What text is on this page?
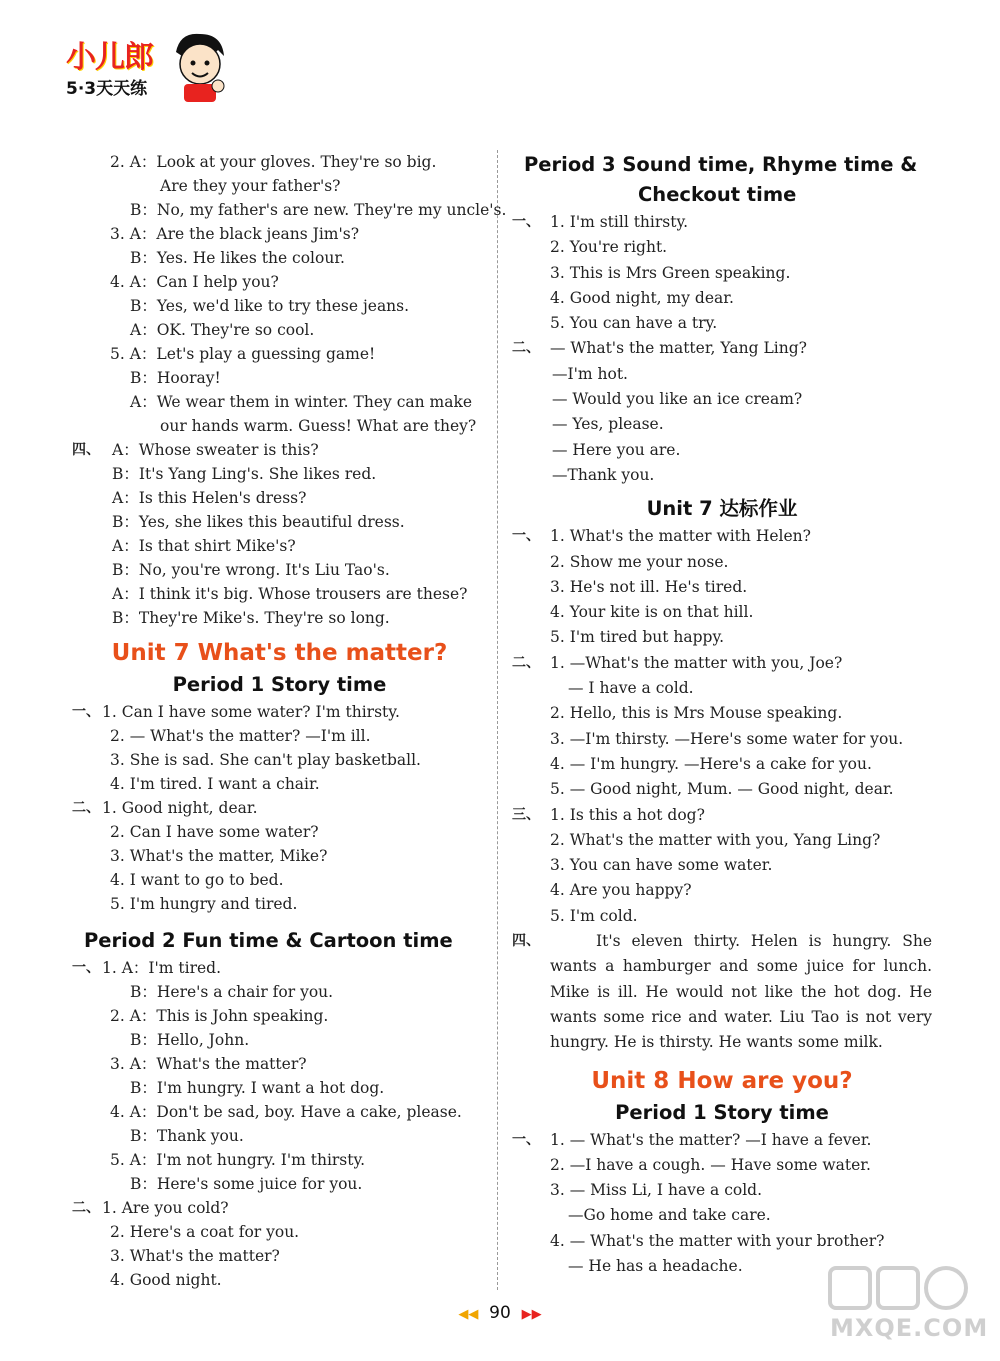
小儿郎
5·3天天练
2. A：Look at your gloves. They're so big.
Are they your father's?
B：No, my father's are new. They're my uncle's.
3. A：Are the black jeans Jim's?
B：Yes. He likes the colour.
4. A：Can I help you?
B：Yes, we'd like to try these jeans.
A：OK. They're so cool.
5. A：Let's play a guessing game!
B：Hooray!
A：We wear them in winter. They can make
our hands warm. Guess! What are they?
四、 A：Whose sweater is this?
B：It's Yang Ling's. She likes red.
A：Is this Helen's dress?
B：Yes, she likes this beautiful dress.
A：Is that shirt Mike's?
B：No, you're wrong. It's Liu Tao's.
A：I think it's big. Whose trousers are these?
B：They're Mike's. They're so long.
Unit 7 What's the matter?
Period 1 Story time
一、 1. Can I have some water? I'm thirsty.
2. — What's the matter? —I'm ill.
3. She is sad. She can't play basketball.
4. I'm tired. I want a chair.
二、 1. Good night, dear.
2. Can I have some water?
3. What's the matter, Mike?
4. I want to go to bed.
5. I'm hungry and tired.
Period 2 Fun time & Cartoon time
一、 1. A：I'm tired.
B：Here's a chair for you.
2. A：This is John speaking.
B：Hello, John.
3. A：What's the matter?
B：I'm hungry. I want a hot dog.
4. A：Don't be sad, boy. Have a cake, please.
B：Thank you.
5. A：I'm not hungry. I'm thirsty.
B：Here's some juice for you.
二、 1. Are you cold?
2. Here's a coat for you.
3. What's the matter?
4. Good night.
Period 3 Sound time, Rhyme time &
Checkout time
一、 1. I'm still thirsty.
2. You're right.
3. This is Mrs Green speaking.
4. Good night, my dear.
5. You can have a try.
二、 — What's the matter, Yang Ling?
—I'm hot.
— Would you like an ice cream?
— Yes, please.
— Here you are.
—Thank you.
Unit 7 达标作业
一、 1. What's the matter with Helen?
2. Show me your nose.
3. He's not ill. He's tired.
4. Your kite is on that hill.
5. I'm tired but happy.
二、 1. —What's the matter with you, Joe?
— I have a cold.
2. Hello, this is Mrs Mouse speaking.
3. —I'm thirsty. —Here's some water for you.
4. — I'm hungry. —Here's a cake for you.
5. — Good night, Mum. — Good night, dear.
三、 1. Is this a hot dog?
2. What's the matter with you, Yang Ling?
3. You can have some water.
4. Are you happy?
5. I'm cold.
四、	It's eleven thirty. Helen is hungry. She
wants a hamburger and some juice for lunch.
Mike is ill. He would not like the hot dog. He
wants some rice and water. Liu Tao is not very
hungry. He is thirsty. He wants some milk.
Unit 8 How are you?
Period 1 Story time
一、 1. — What's the matter? —I have a fever.
2. —I have a cough. — Have some water.
3. — Miss Li, I have a cold.
—Go home and take care.
4. — What's the matter with your brother?
— He has a headache.
◀◀ 90 ▶▶	MXQE.COM
